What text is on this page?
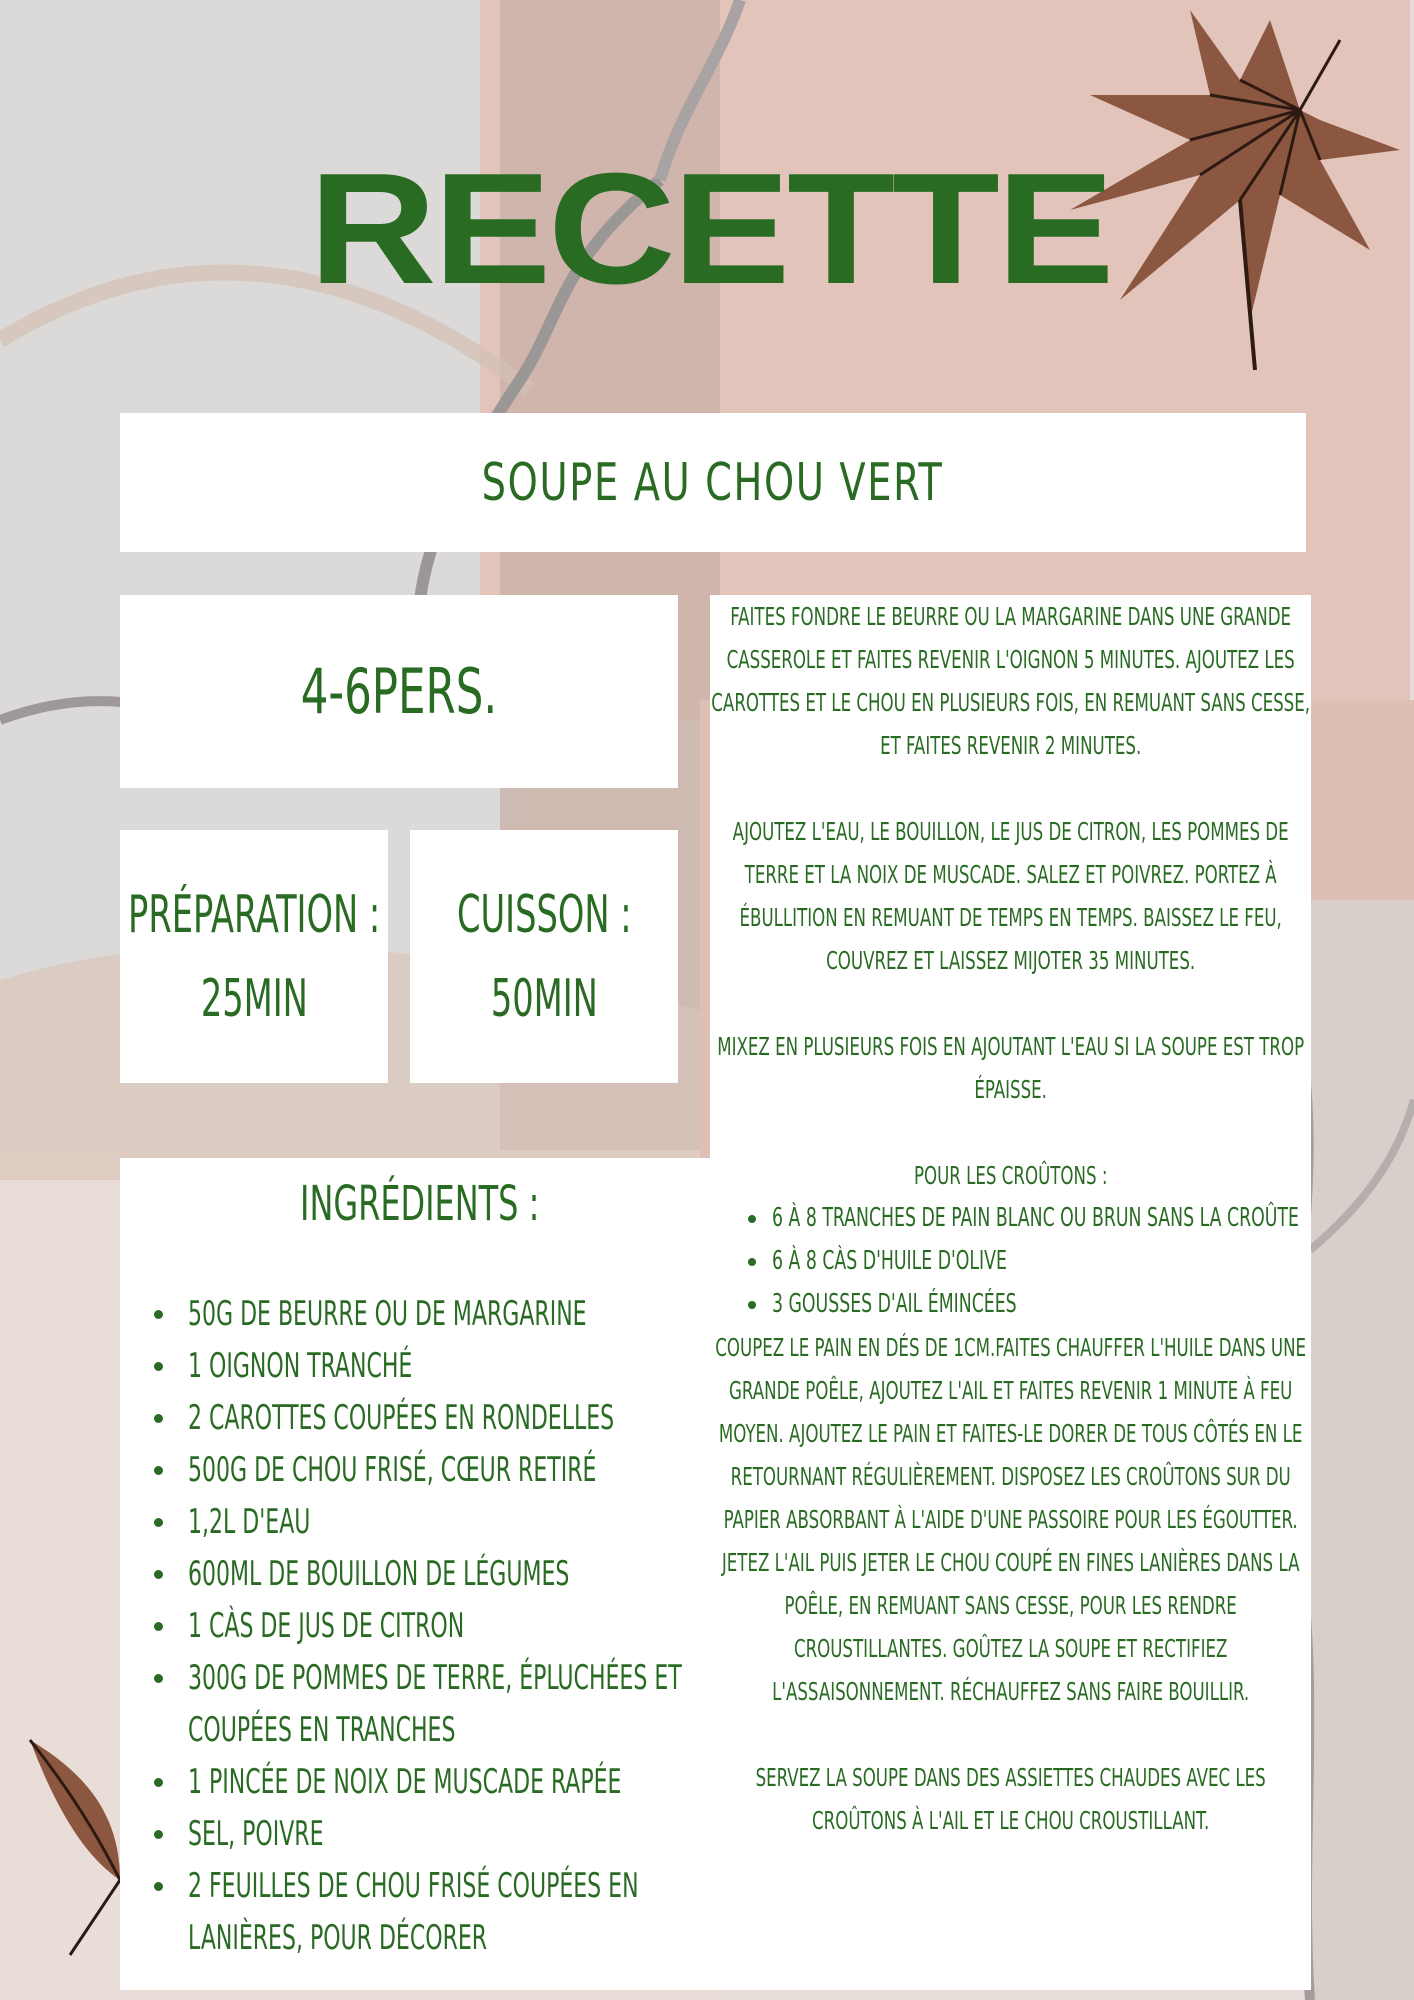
RECETTE
SOUPE AU CHOU VERT
4-6PERS.
PRÉPARATION :
25MIN
CUISSON :
50MIN
INGRÉDIENTS :
50G DE BEURRE OU DE MARGARINE
1 OIGNON TRANCHÉ
2 CAROTTES COUPÉES EN RONDELLES
500G DE CHOU FRISÉ, CŒUR RETIRÉ
1,2L D'EAU
600ML DE BOUILLON DE LÉGUMES
1 CÀS DE JUS DE CITRON
300G DE POMMES DE TERRE, ÉPLUCHÉES ET COUPÉES EN TRANCHES
1 PINCÉE DE NOIX DE MUSCADE RAPÉE
SEL, POIVRE
2 FEUILLES DE CHOU FRISÉ COUPÉES EN LANIÈRES, POUR DÉCORER

FAITES FONDRE LE BEURRE OU LA MARGARINE DANS UNE GRANDE CASSEROLE ET FAITES REVENIR L'OIGNON 5 MINUTES. AJOUTEZ LES CAROTTES ET LE CHOU EN PLUSIEURS FOIS, EN REMUANT SANS CESSE, ET FAITES REVENIR 2 MINUTES.

AJOUTEZ L'EAU, LE BOUILLON, LE JUS DE CITRON, LES POMMES DE TERRE ET LA NOIX DE MUSCADE. SALEZ ET POIVREZ. PORTEZ À ÉBULLITION EN REMUANT DE TEMPS EN TEMPS. BAISSEZ LE FEU, COUVREZ ET LAISSEZ MIJOTER 35 MINUTES.

MIXEZ EN PLUSIEURS FOIS EN AJOUTANT L'EAU SI LA SOUPE EST TROP ÉPAISSE.

POUR LES CROÛTONS :
6 À 8 TRANCHES DE PAIN BLANC OU BRUN SANS LA CROÛTE
6 À 8 CÀS D'HUILE D'OLIVE
3 GOUSSES D'AIL ÉMINCÉES

COUPEZ LE PAIN EN DÉS DE 1CM.FAITES CHAUFFER L'HUILE DANS UNE GRANDE POÊLE, AJOUTEZ L'AIL ET FAITES REVENIR 1 MINUTE À FEU MOYEN. AJOUTEZ LE PAIN ET FAITES-LE DORER DE TOUS CÔTÉS EN LE RETOURNANT RÉGULIÈREMENT. DISPOSEZ LES CROÛTONS SUR DU PAPIER ABSORBANT À L'AIDE D'UNE PASSOIRE POUR LES ÉGOUTTER. JETEZ L'AIL PUIS JETER LE CHOU COUPÉ EN FINES LANIÈRES DANS LA POÊLE, EN REMUANT SANS CESSE, POUR LES RENDRE CROUSTILLANTES. GOÛTEZ LA SOUPE ET RECTIFIEZ L'ASSAISONNEMENT. RÉCHAUFFEZ SANS FAIRE BOUILLIR.

SERVEZ LA SOUPE DANS DES ASSIETTES CHAUDES AVEC LES CROÛTONS À L'AIL ET LE CHOU CROUSTILLANT.
